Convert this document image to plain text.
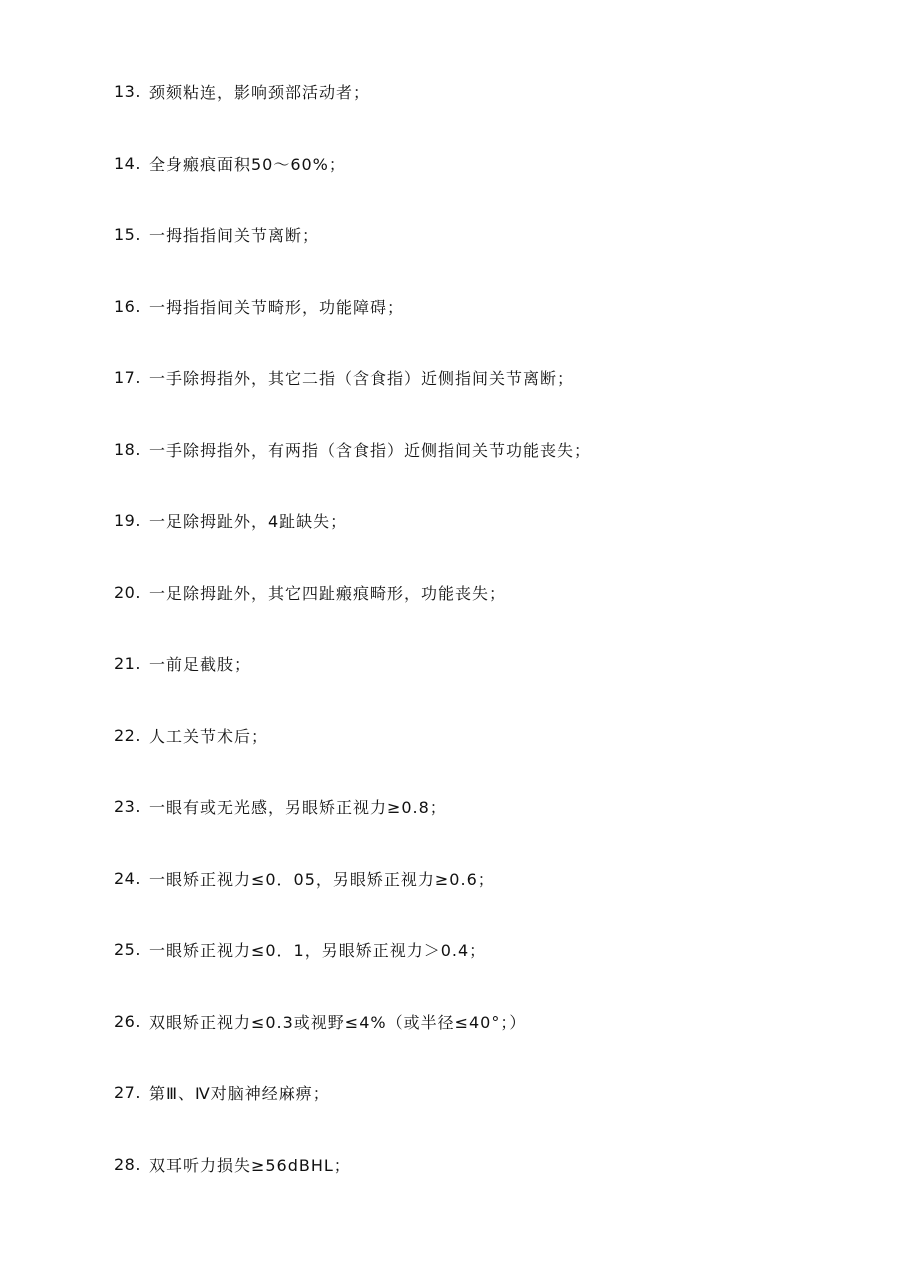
13. 颈颏粘连，影响颈部活动者；
14. 全身瘢痕面积50～60%；
15. 一拇指指间关节离断；
16. 一拇指指间关节畸形，功能障碍；
17. 一手除拇指外，其它二指（含食指）近侧指间关节离断；
18. 一手除拇指外，有两指（含食指）近侧指间关节功能丧失；
19. 一足除拇趾外，4趾缺失；
20. 一足除拇趾外，其它四趾瘢痕畸形，功能丧失；
21. 一前足截肢；
22. 人工关节术后；
23. 一眼有或无光感，另眼矫正视力≥0.8；
24. 一眼矫正视力≤0．05，另眼矫正视力≥0.6；
25. 一眼矫正视力≤0．1，另眼矫正视力＞0.4；
26. 双眼矫正视力≤0.3或视野≤4%（或半径≤40°；）
27. 第Ⅲ、Ⅳ对脑神经麻痹；
28. 双耳听力损失≥56dBHL；
